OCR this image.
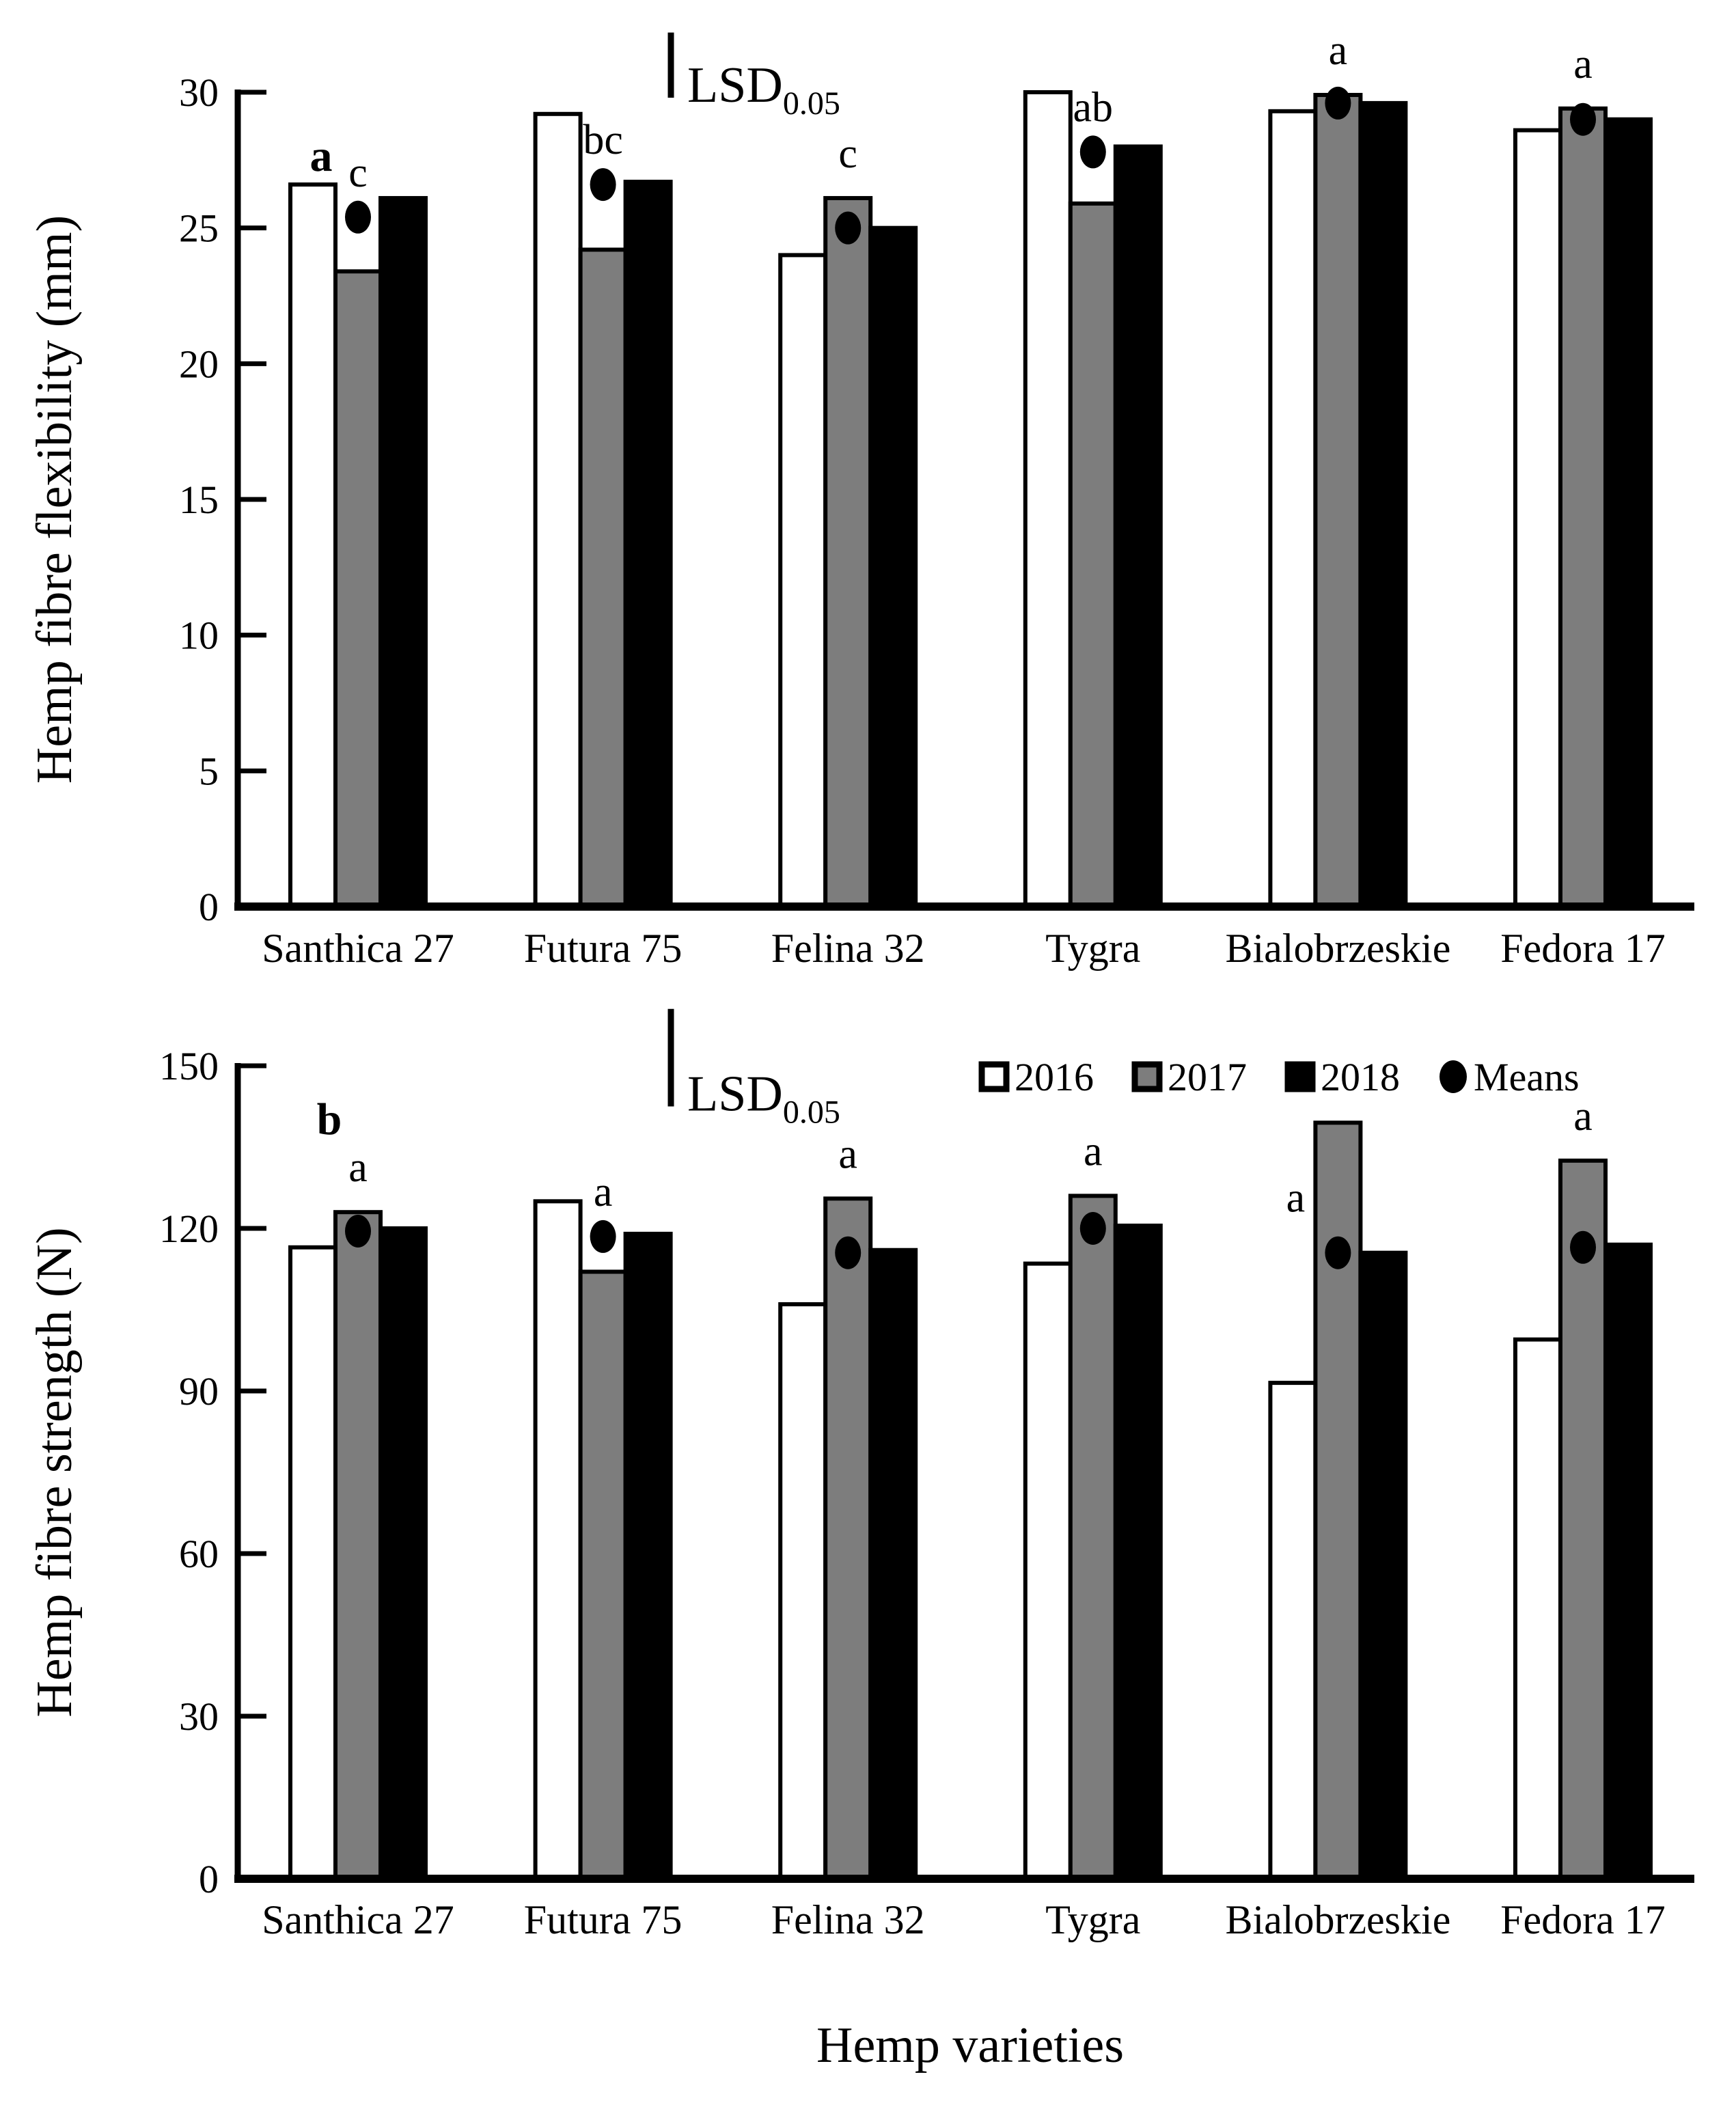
c
Santhica 27
bc
Futura 75
c
Felina 32
ab
Tygra
a
Bialobrzeskie
a
Fedora 17
0
5
10
15
20
25
30
Hemp fibre flexibility (mm)
a
$LSD_{0.05}$
a
Santhica 27
a
Futura 75
a
Felina 32
a
Tygra
a
Bialobrzeskie
a
Fedora 17
0
30
60
90
120
150
Hemp fibre strength (N)
b	$LSD_{0.05}$
2016 2017 2018 Means
Hemp varieties
